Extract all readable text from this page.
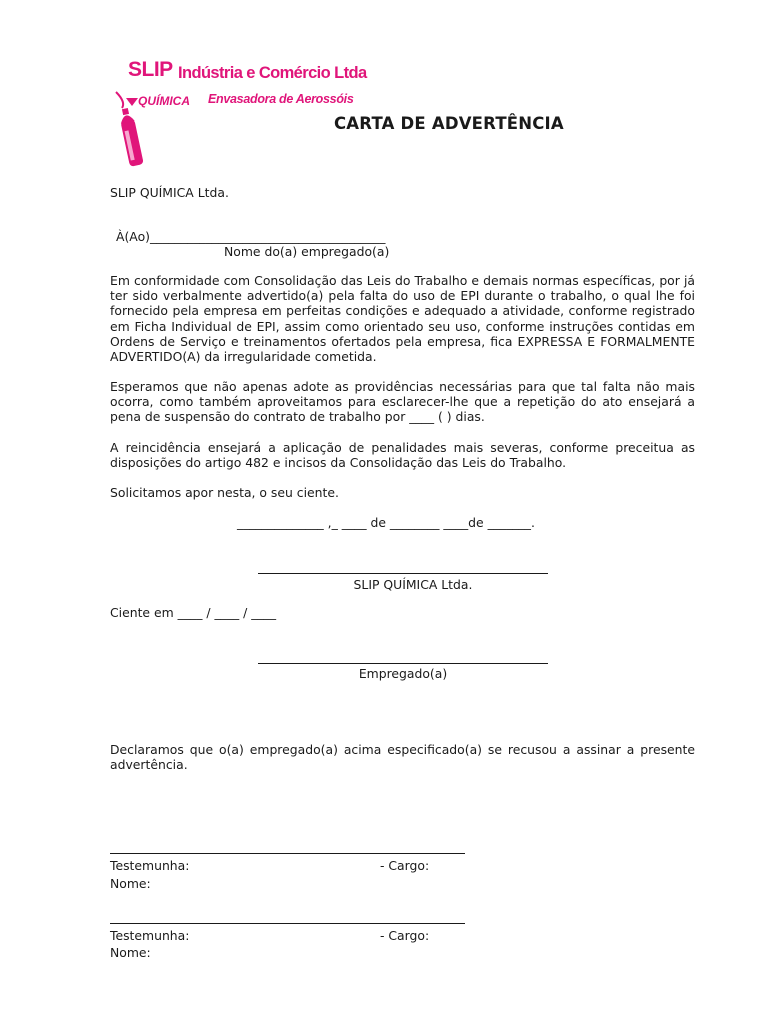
SLIP
QUÍMICA
Indústria e Comércio Ltda
Envasadora de Aerossóis
CARTA DE ADVERTÊNCIA
SLIP QUÍMICA Ltda.
À(Ao)______________________________________
Nome do(a) empregado(a)
Em conformidade com Consolidação das Leis do Trabalho e demais normas específicas, por já ter sido verbalmente advertido(a) pela falta do uso de EPI durante o trabalho, o qual lhe foi fornecido pela empresa em perfeitas condições e adequado a atividade, conforme registrado em Ficha Individual de EPI, assim como orientado seu uso, conforme instruções contidas em Ordens de Serviço e treinamentos ofertados pela empresa, fica EXPRESSA E FORMALMENTE ADVERTIDO(A) da irregularidade cometida.
Esperamos que não apenas adote as providências necessárias para que tal falta não mais ocorra, como também aproveitamos para esclarecer-lhe que a repetição do ato ensejará a pena de suspensão do contrato de trabalho por ____ ( ) dias.
A reincidência ensejará a aplicação de penalidades mais severas, conforme preceitua as disposições do artigo 482 e incisos da Consolidação das Leis do Trabalho.
Solicitamos apor nesta, o seu ciente.
______________ ,_ ____ de ________ ____de _______.
SLIP QUÍMICA Ltda.
Ciente em ____ / ____ / ____
Empregado(a)
Declaramos que o(a) empregado(a) acima especificado(a) se recusou a assinar a presente advertência.
Testemunha:	- Cargo:
Nome:
Testemunha:	- Cargo:
Nome:
